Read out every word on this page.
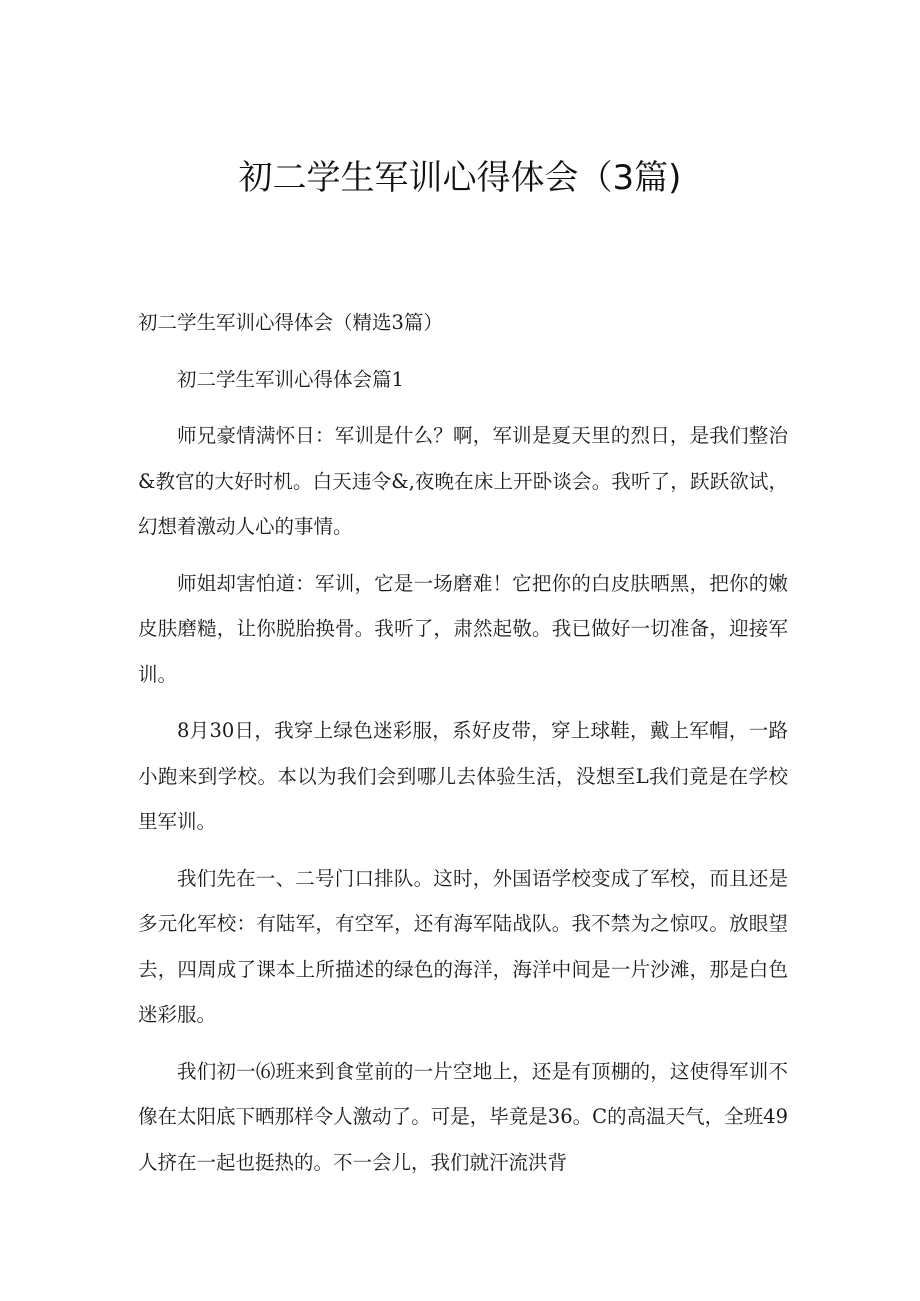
初二学生军训心得体会（3篇)

初二学生军训心得体会（精选3篇）

初二学生军训心得体会篇1

师兄豪情满怀日：军训是什么？啊，军训是夏天里的烈日，是我们整治&教官的大好时机。白天违令&,夜晚在床上开卧谈会。我听了，跃跃欲试，幻想着激动人心的事情。

师姐却害怕道：军训，它是一场磨难！它把你的白皮肤晒黑，把你的嫩皮肤磨糙，让你脱胎换骨。我听了，肃然起敬。我已做好一切准备，迎接军训。

8月30日，我穿上绿色迷彩服，系好皮带，穿上球鞋，戴上军帽，一路小跑来到学校。本以为我们会到哪儿去体验生活，没想至L我们竟是在学校里军训。

我们先在一、二号门口排队。这时，外国语学校变成了军校，而且还是多元化军校：有陆军，有空军，还有海军陆战队。我不禁为之惊叹。放眼望去，四周成了课本上所描述的绿色的海洋，海洋中间是一片沙滩，那是白色迷彩服。

我们初一⑹班来到食堂前的一片空地上，还是有顶棚的，这使得军训不像在太阳底下晒那样令人激动了。可是，毕竟是36。C的高温天气，全班49人挤在一起也挺热的。不一会儿，我们就汗流洪背
